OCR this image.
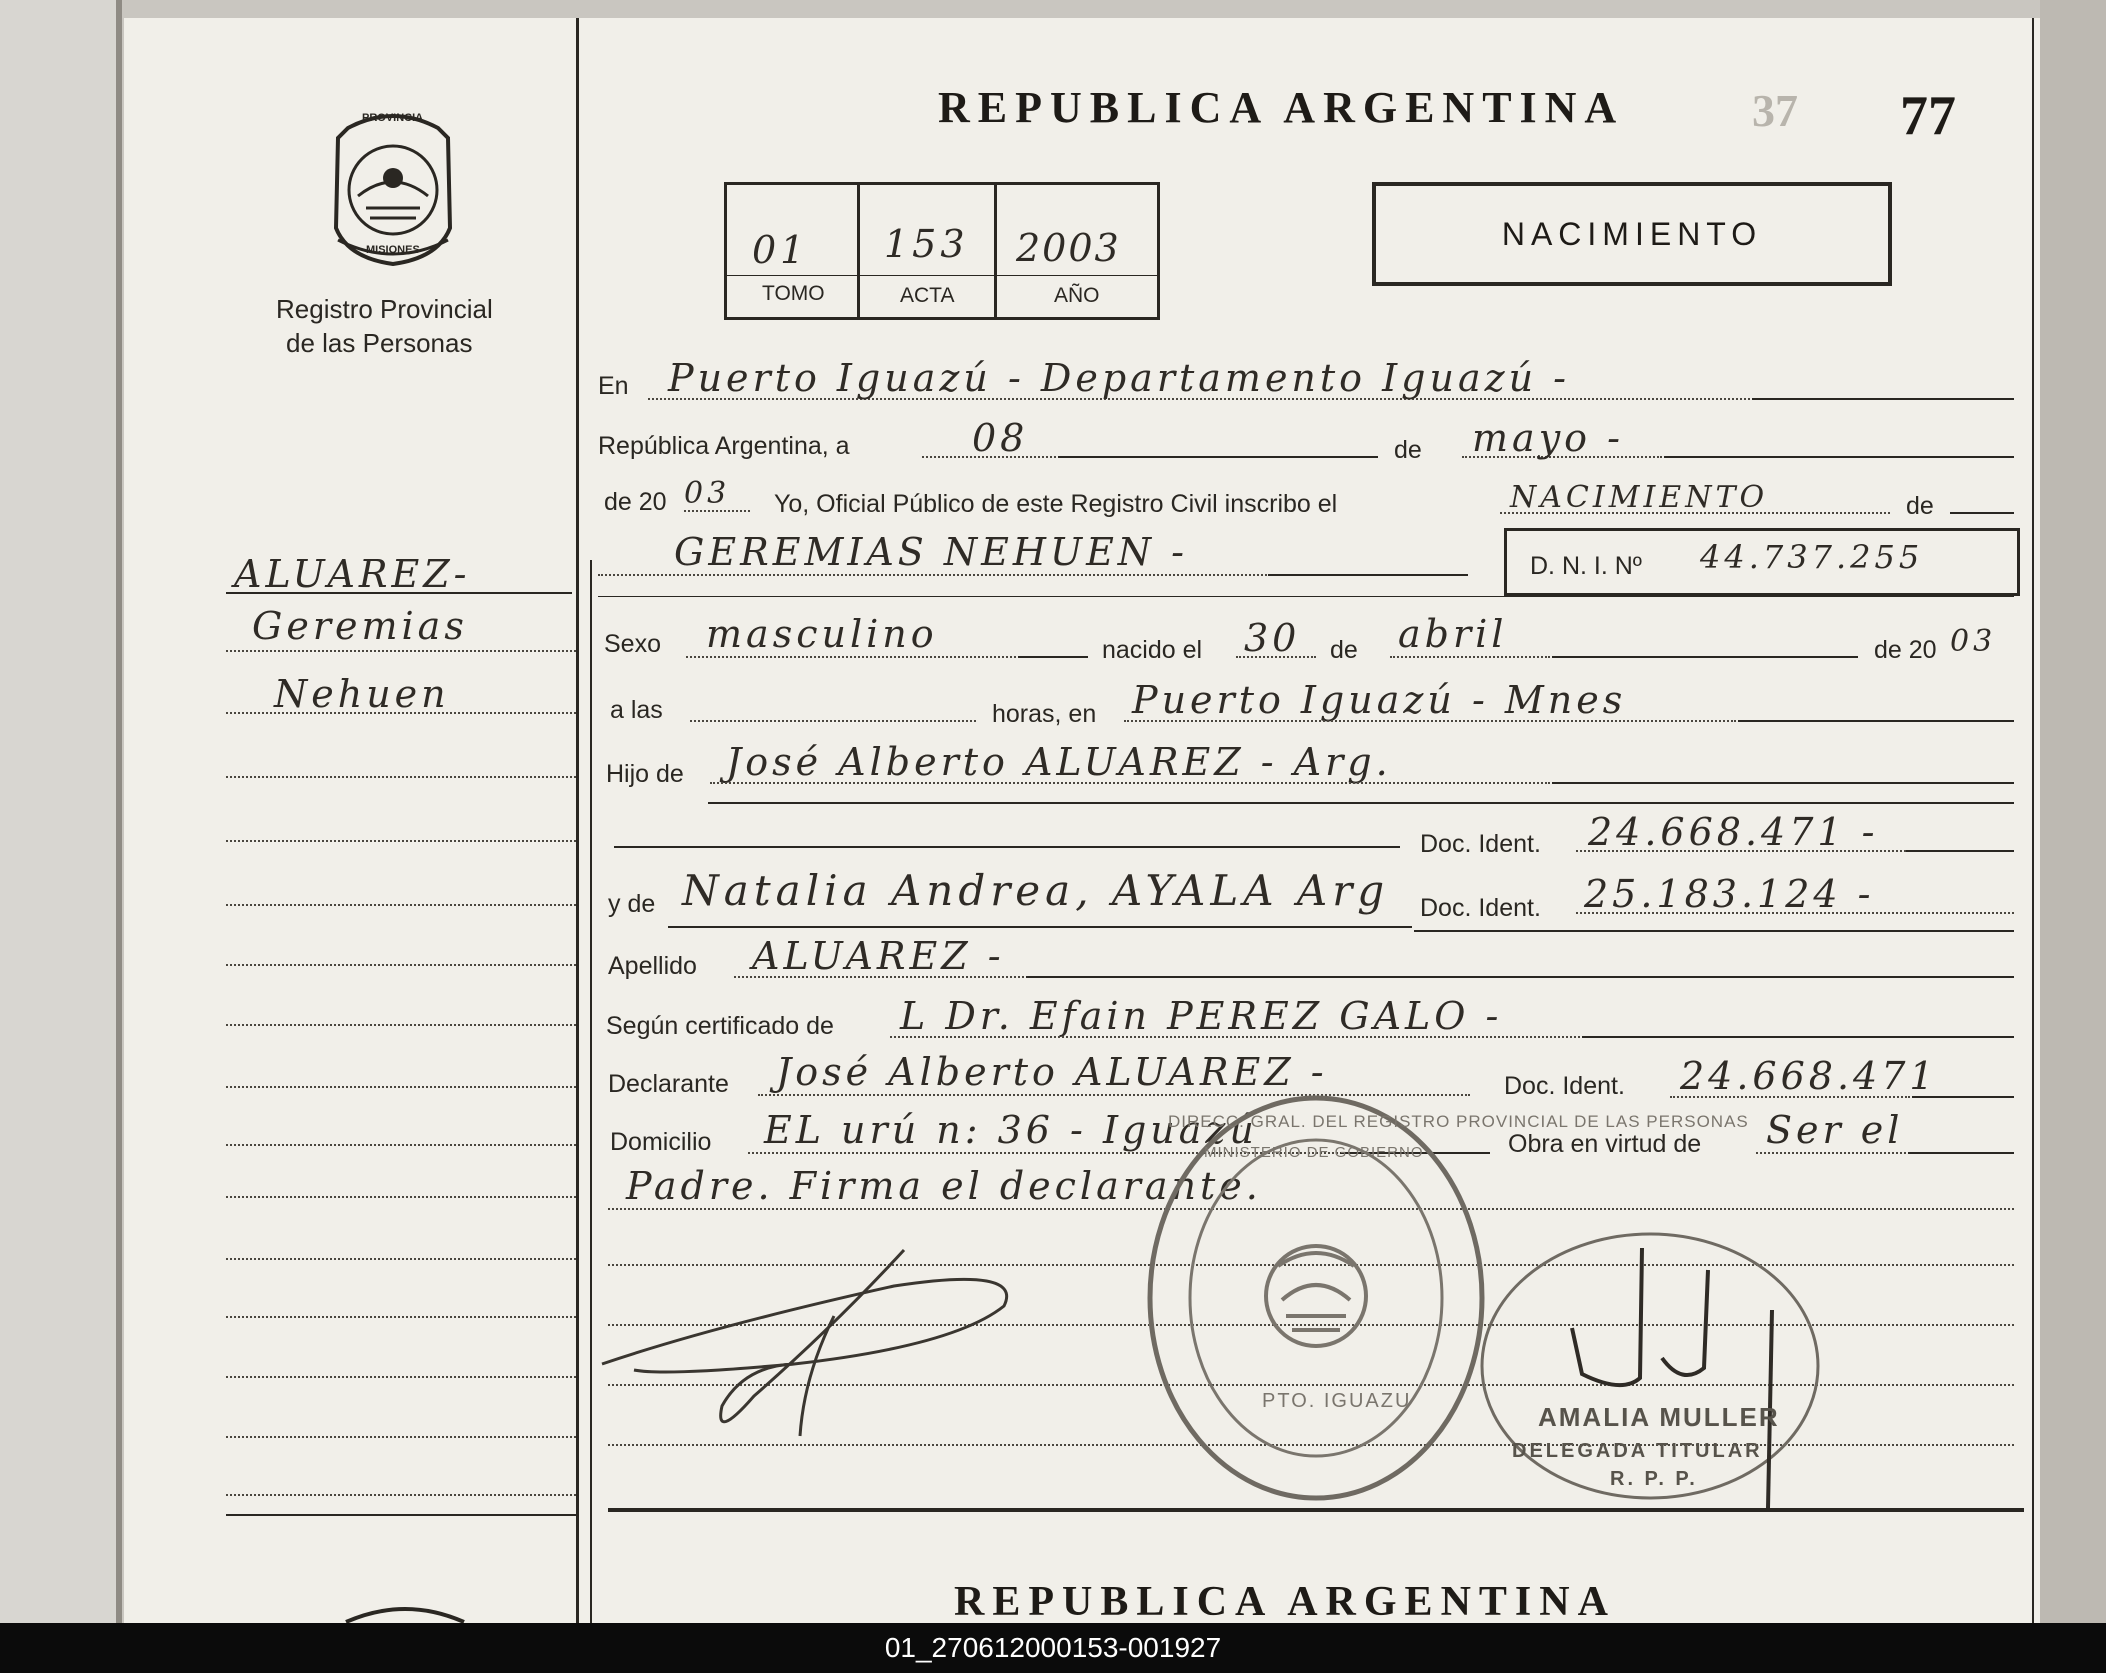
REPUBLICA ARGENTINA	37 77
PROVINCIA
MISIONES
Registro Provincial
de las Personas
01 153 2003
TOMO	ACTA	AÑO
NACIMIENTO
ALUAREZ-
Geremias
Nehuen
En Puerto Iguazú - Departamento Iguazú -
República Argentina, a	08	de mayo -
de 20 03 Yo, Oficial Público de este Registro Civil inscribo el	NACIMIENTO	de
GEREMIAS NEHUEN -	D. N. I. Nº 44.737.255
Sexo masculino	nacido el 30 de abril	de 20 03
a las	horas, en Puerto Iguazú - Mnes
Hijo de José Alberto ALUAREZ - Arg.
Doc. Ident. 24.668.471 -
y de Natalia Andrea, AYALA Arg Doc. Ident. 25.183.124 -
Apellido ALUAREZ -
Según certificado de L Dr. Efain PEREZ GALO -
Declarante José Alberto ALUAREZ -	Doc. Ident. 24.668.471
Domicilio EL urú n: 36 - Iguazú	Obra en virtud de Ser el
Padre. Firma el declarante.
DIRECC. GRAL. DEL REGISTRO PROVINCIAL DE LAS PERSONAS
MINISTERIO DE GOBIERNO
PTO. IGUAZU
AMALIA MULLER
DELEGADA TITULAR
R. P. P.
REPUBLICA ARGENTINA
01_270612000153-001927
